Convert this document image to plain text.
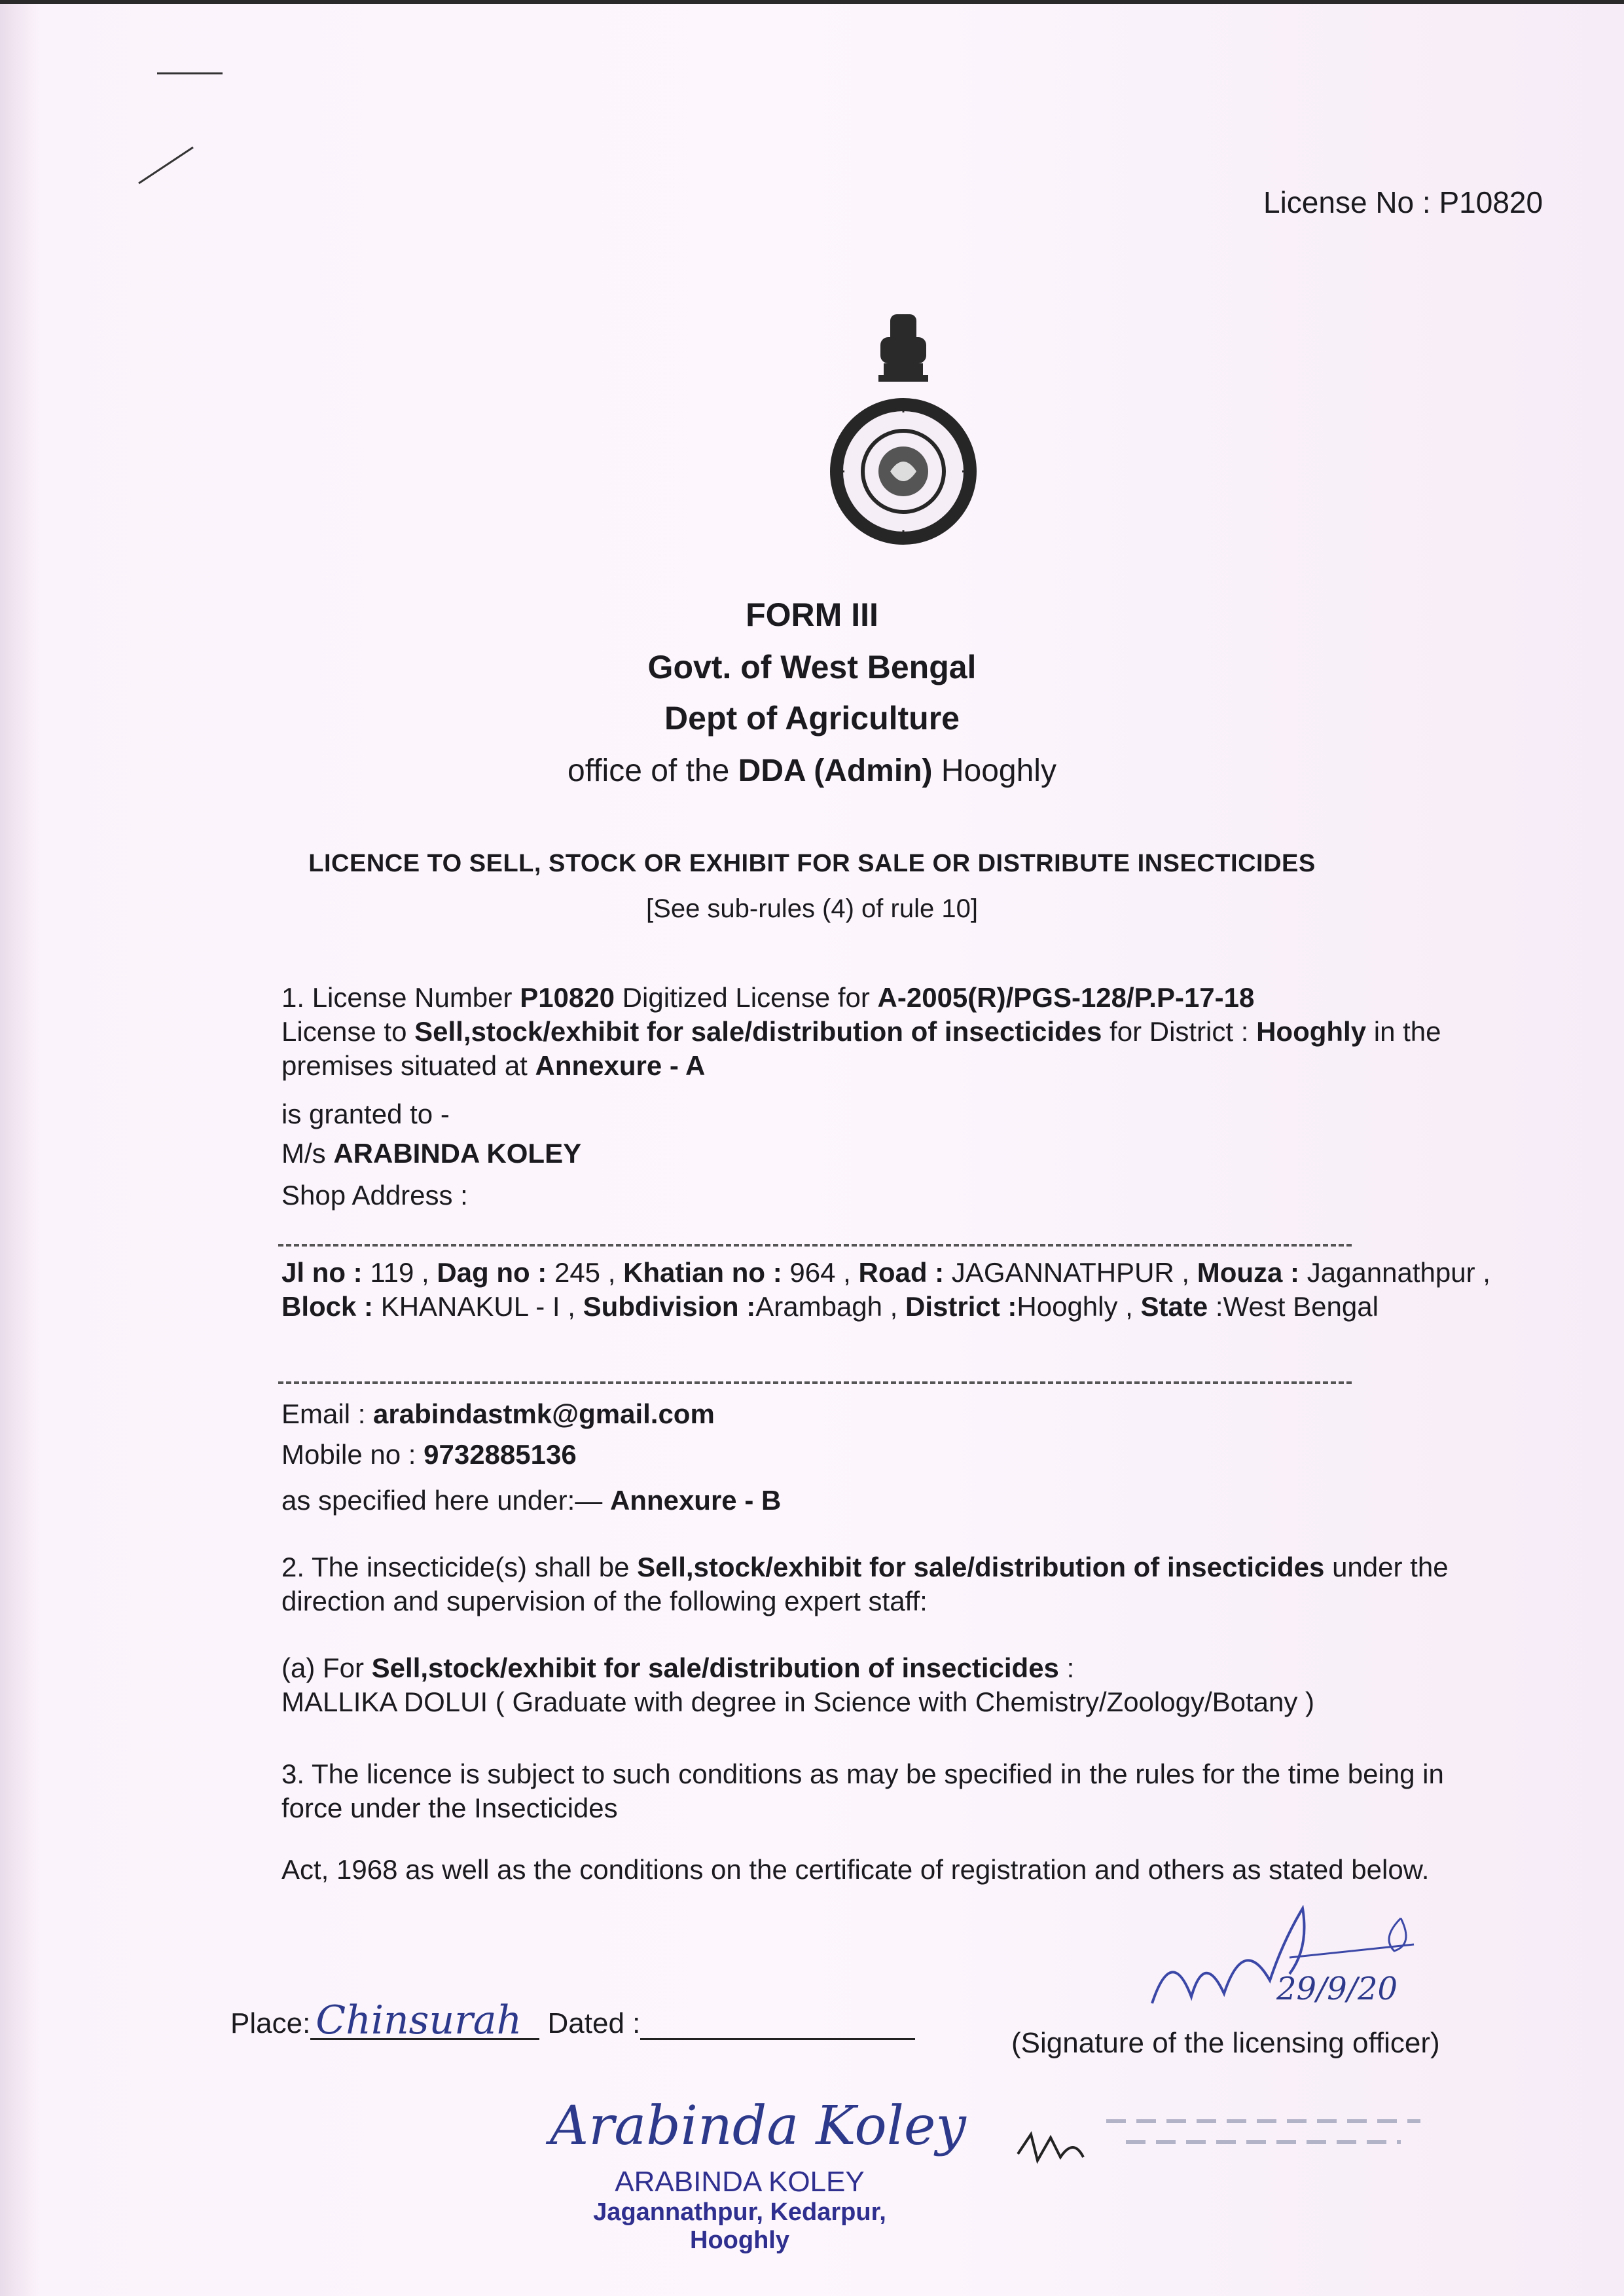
License No : P10820
FORM III
Govt. of West Bengal
Dept of Agriculture
office of the DDA (Admin) Hooghly
LICENCE TO SELL, STOCK OR EXHIBIT FOR SALE OR DISTRIBUTE INSECTICIDES
[See sub-rules (4) of rule 10]
1. License Number P10820 Digitized License for A-2005(R)/PGS-128/P.P-17-18
License to Sell,stock/exhibit for sale/distribution of insecticides for District : Hooghly in the premises situated at Annexure - A
is granted to -
M/s ARABINDA KOLEY
Shop Address :
Jl no : 119 , Dag no : 245 , Khatian no : 964 , Road : JAGANNATHPUR , Mouza : Jagannathpur , Block : KHANAKUL - I , Subdivision :Arambagh , District :Hooghly , State :West Bengal
Email : arabindastmk@gmail.com
Mobile no : 9732885136
as specified here under:— Annexure - B
2. The insecticide(s) shall be Sell,stock/exhibit for sale/distribution of insecticides under the direction and supervision of the following expert staff:
(a) For Sell,stock/exhibit for sale/distribution of insecticides :
MALLIKA DOLUI ( Graduate with degree in Science with Chemistry/Zoology/Botany )
3. The licence is subject to such conditions as may be specified in the rules for the time being in force under the Insecticides
Act, 1968 as well as the conditions on the certificate of registration and others as stated below.
Place: Chinsurah Dated :
29/9/20
(Signature of the licensing officer)
Arabinda Koley
ARABINDA KOLEY
Jagannathpur, Kedarpur,
Hooghly
